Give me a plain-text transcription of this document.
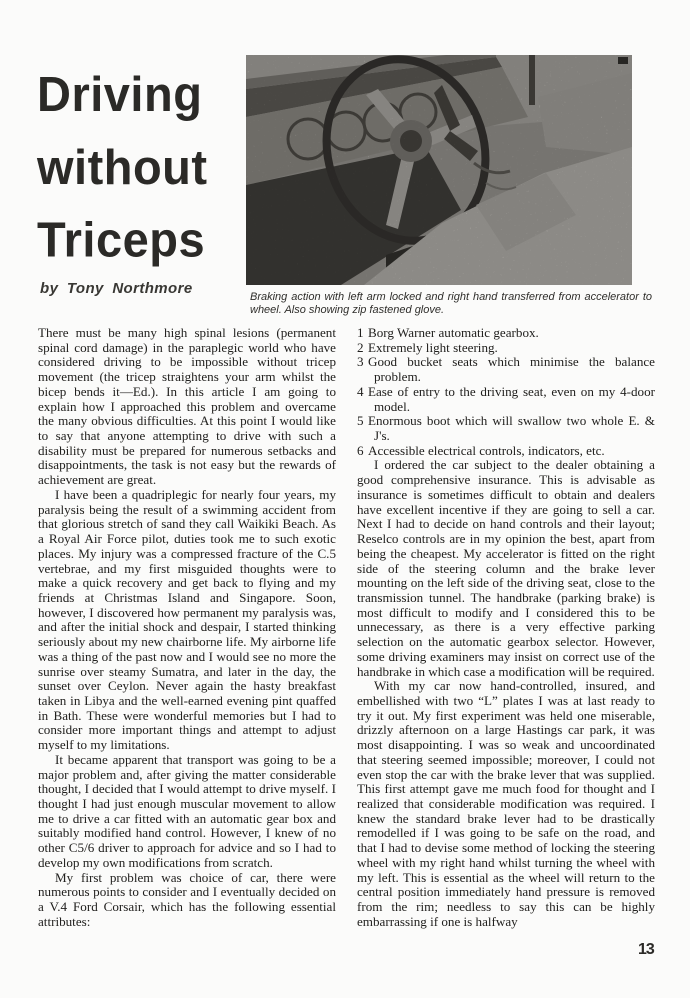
Driving
without
Triceps
by Tony Northmore	Braking action with left arm locked and right hand transferred from accelerator to wheel. Also showing zip fastened glove.

There must be many high spinal lesions (permanent spinal cord damage) in the paraplegic world who have considered driving to be impossible without tricep movement (the tricep straightens your arm whilst the bicep bends it—Ed.). In this article I am going to explain how I approached this problem and overcame the many obvious difficulties. At this point I would like to say that anyone attempting to drive with such a disability must be prepared for numerous setbacks and disappointments, the task is not easy but the rewards of achievement are great.

I have been a quadriplegic for nearly four years, my paralysis being the result of a swimming accident from that glorious stretch of sand they call Waikiki Beach. As a Royal Air Force pilot, duties took me to such exotic places. My injury was a compressed fracture of the C.5 vertebrae, and my first misguided thoughts were to make a quick recovery and get back to flying and my friends at Christmas Island and Singapore. Soon, however, I discovered how permanent my paralysis was, and after the initial shock and despair, I started thinking seriously about my new chairborne life. My airborne life was a thing of the past now and I would see no more the sunrise over steamy Sumatra, and later in the day, the sunset over Ceylon. Never again the hasty breakfast taken in Libya and the well-earned evening pint quaffed in Bath. These were wonderful memories but I had to consider more important things and attempt to adjust myself to my limitations.

It became apparent that transport was going to be a major problem and, after giving the matter considerable thought, I decided that I would attempt to drive myself. I thought I had just enough muscular movement to allow me to drive a car fitted with an automatic gear box and suitably modified hand control. However, I knew of no other C5/6 driver to approach for advice and so I had to develop my own modifications from scratch.

My first problem was choice of car, there were numerous points to consider and I eventually decided on a V.4 Ford Corsair, which has the following essential attributes:

1 Borg Warner automatic gearbox.
2 Extremely light steering.
3 Good bucket seats which minimise the balance problem.
4 Ease of entry to the driving seat, even on my 4-door model.
5 Enormous boot which will swallow two whole E. & J's.
6 Accessible electrical controls, indicators, etc.

I ordered the car subject to the dealer obtaining a good comprehensive insurance. This is advisable as insurance is sometimes difficult to obtain and dealers have excellent incentive if they are going to sell a car. Next I had to decide on hand controls and their layout; Reselco controls are in my opinion the best, apart from being the cheapest. My accelerator is fitted on the right side of the steering column and the brake lever mounting on the left side of the driving seat, close to the transmission tunnel. The handbrake (parking brake) is most difficult to modify and I considered this to be unnecessary, as there is a very effective parking selection on the automatic gearbox selector. However, some driving examiners may insist on correct use of the handbrake in which case a modification will be required.

With my car now hand-controlled, insured, and embellished with two “L” plates I was at last ready to try it out. My first experiment was held one miserable, drizzly afternoon on a large Hastings car park, it was most disappointing. I was so weak and uncoordinated that steering seemed impossible; moreover, I could not even stop the car with the brake lever that was supplied. This first attempt gave me much food for thought and I realized that considerable modification was required. I knew the standard brake lever had to be drastically remodelled if I was going to be safe on the road, and that I had to devise some method of locking the steering wheel with my right hand whilst turning the wheel with my left. This is essential as the wheel will return to the central position immediately hand pressure is removed from the rim; needless to say this can be highly embarrassing if one is halfway

13
